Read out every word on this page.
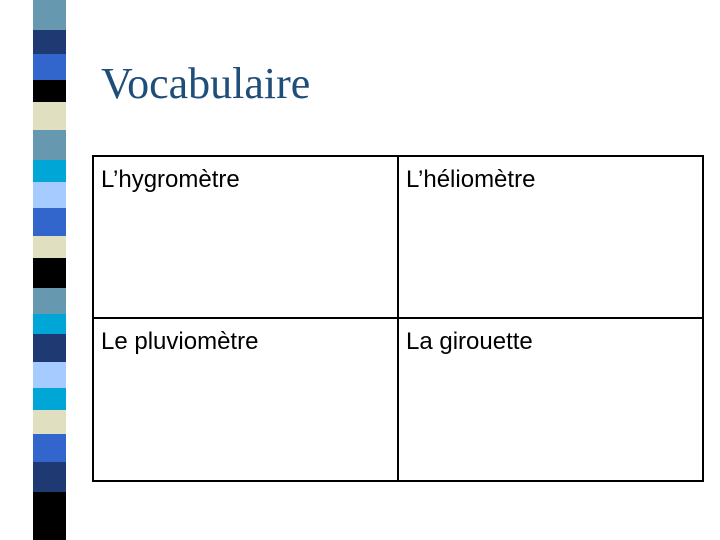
Vocabulaire
L’hygromètre	L’héliomètre
Le pluviomètre	La girouette
